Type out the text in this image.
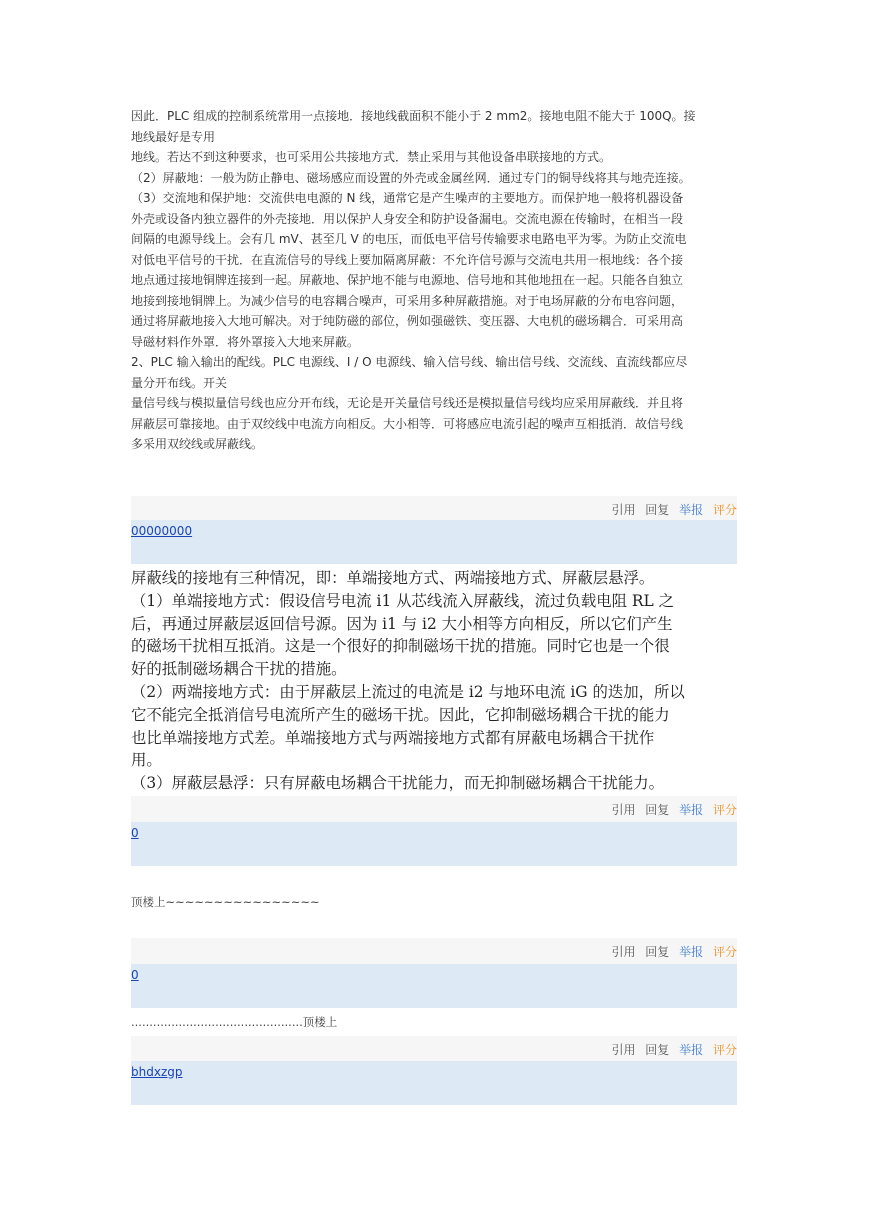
因此．PLC 组成的控制系统常用一点接地．接地线截面积不能小于 2 mm2。接地电阻不能大于 100Q。接

地线最好是专用

地线。若达不到这种要求，也可采用公共接地方式．禁止采用与其他设备串联接地的方式。

（2）屏蔽地：一般为防止静电、磁场感应而设置的外壳或金属丝网．通过专门的铜导线将其与地壳连接。

（3）交流地和保护地：交流供电电源的 N 线，通常它是产生噪声的主要地方。而保护地一般将机器设备

外壳或设备内独立器件的外壳接地．用以保护人身安全和防护设备漏电。交流电源在传输时，在相当一段

间隔的电源导线上。会有几 mV、甚至几 V 的电压，而低电平信号传输要求电路电平为零。为防止交流电

对低电平信号的干扰．在直流信号的导线上要加隔离屏蔽：不允许信号源与交流电共用一根地线：各个接

地点通过接地铜牌连接到一起。屏蔽地、保护地不能与电源地、信号地和其他地扭在一起。只能各自独立

地接到接地铜牌上。为减少信号的电容耦合噪声，可采用多种屏蔽措施。对于电场屏蔽的分布电容问题，

通过将屏蔽地接入大地可解决。对于纯防磁的部位，例如强磁铁、变压器、大电机的磁场耦合．可采用高

导磁材料作外罩．将外罩接入大地来屏蔽。

2、PLC 输入输出的配线。PLC 电源线、I / O 电源线、输入信号线、输出信号线、交流线、直流线都应尽

量分开布线。开关

量信号线与模拟量信号线也应分开布线，无论是开关量信号线还是模拟量信号线均应采用屏蔽线．并且将

屏蔽层可靠接地。由于双绞线中电流方向相反。大小相等．可将感应电流引起的噪声互相抵消．故信号线

多采用双绞线或屏蔽线。

引用 回复 举报 评分
00000000

屏蔽线的接地有三种情况，即：单端接地方式、两端接地方式、屏蔽层悬浮。

（1）单端接地方式：假设信号电流 i1 从芯线流入屏蔽线，流过负载电阻 RL 之

后，再通过屏蔽层返回信号源。因为 i1 与 i2 大小相等方向相反，所以它们产生

的磁场干扰相互抵消。这是一个很好的抑制磁场干扰的措施。同时它也是一个很

好的抵制磁场耦合干扰的措施。

（2）两端接地方式：由于屏蔽层上流过的电流是 i2 与地环电流 iG 的迭加，所以

它不能完全抵消信号电流所产生的磁场干扰。因此，它抑制磁场耦合干扰的能力

也比单端接地方式差。单端接地方式与两端接地方式都有屏蔽电场耦合干扰作

用。

（3）屏蔽层悬浮：只有屏蔽电场耦合干扰能力，而无抑制磁场耦合干扰能力。

引用 回复 举报 评分
0
顶楼上~~~~~~~~~~~~~~~~
引用 回复 举报 评分
0
...............................................顶楼上
引用 回复 举报 评分
bhdxzgp
